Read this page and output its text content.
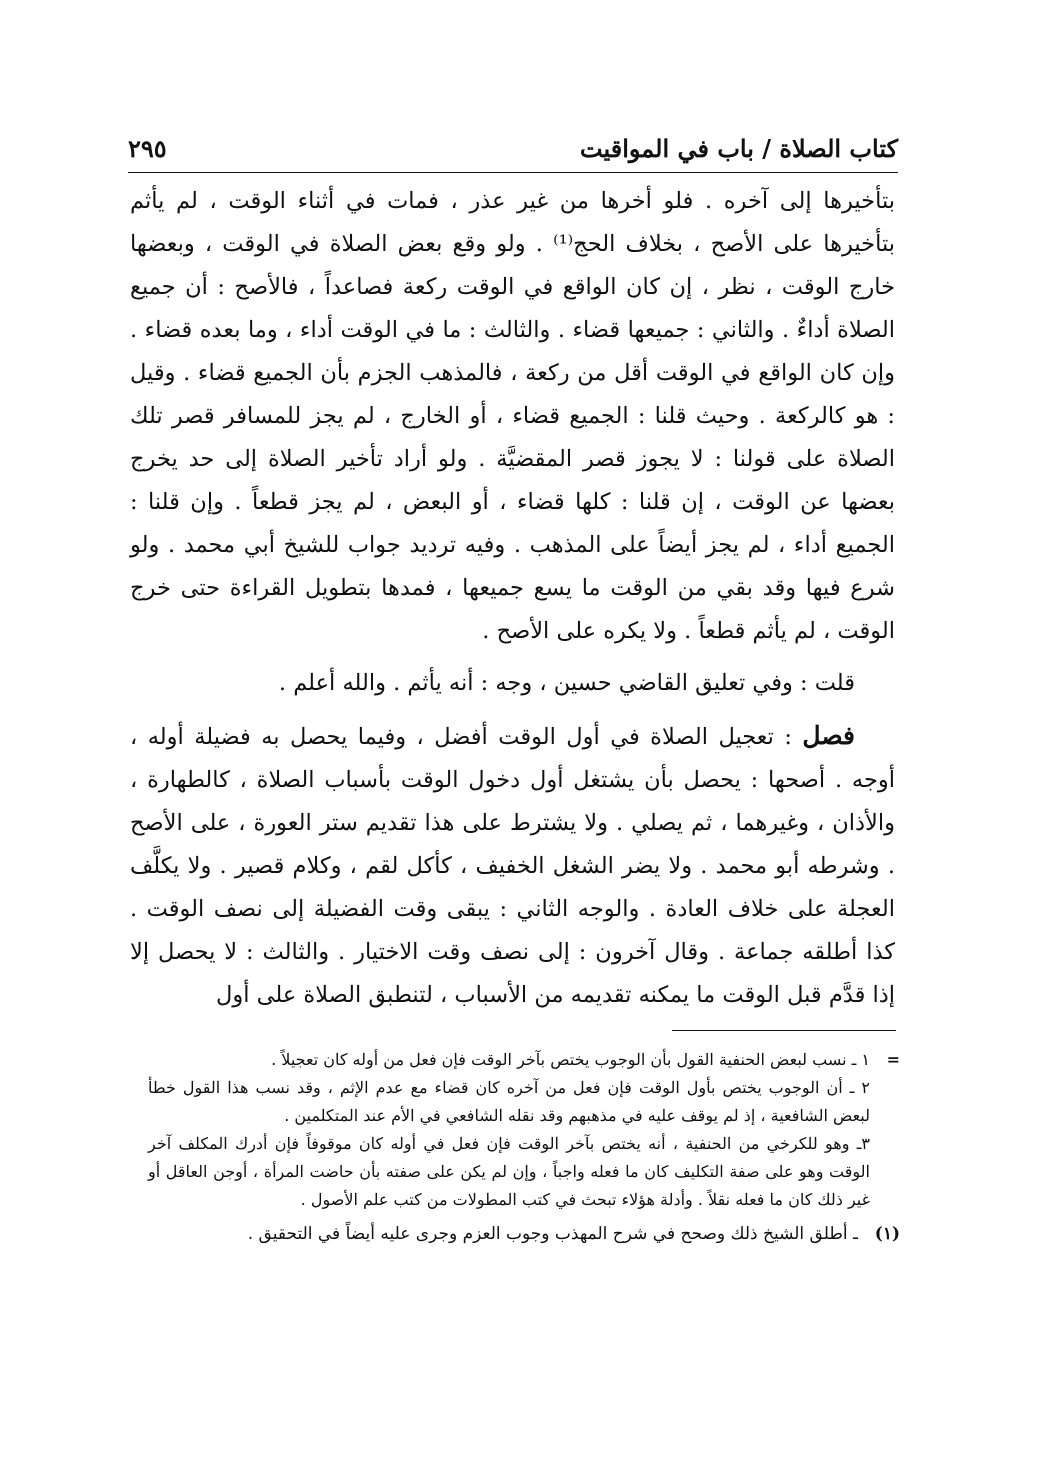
كتاب الصلاة / باب في المواقيت
٢٩٥

بتأخيرها إلى آخره . فلو أخرها من غير عذر ، فمات في أثناء الوقت ، لم يأثم بتأخيرها على الأصح ، بخلاف الحج⁽¹⁾ . ولو وقع بعض الصلاة في الوقت ، وبعضها خارج الوقت ، نظر ، إن كان الواقع في الوقت ركعة فصاعداً ، فالأصح : أن جميع الصلاة أداءٌ . والثاني : جميعها قضاء . والثالث : ما في الوقت أداء ، وما بعده قضاء . وإن كان الواقع في الوقت أقل من ركعة ، فالمذهب الجزم بأن الجميع قضاء . وقيل : هو كالركعة . وحيث قلنا : الجميع قضاء ، أو الخارج ، لم يجز للمسافر قصر تلك الصلاة على قولنا : لا يجوز قصر المقضيَّة . ولو أراد تأخير الصلاة إلى حد يخرج بعضها عن الوقت ، إن قلنا : كلها قضاء ، أو البعض ، لم يجز قطعاً . وإن قلنا : الجميع أداء ، لم يجز أيضاً على المذهب . وفيه ترديد جواب للشيخ أبي محمد . ولو شرع فيها وقد بقي من الوقت ما يسع جميعها ، فمدها بتطويل القراءة حتى خرج الوقت ، لم يأثم قطعاً . ولا يكره على الأصح .

قلت : وفي تعليق القاضي حسين ، وجه : أنه يأثم . والله أعلم .

فصل : تعجيل الصلاة في أول الوقت أفضل ، وفيما يحصل به فضيلة أوله ، أوجه . أصحها : يحصل بأن يشتغل أول دخول الوقت بأسباب الصلاة ، كالطهارة ، والأذان ، وغيرهما ، ثم يصلي . ولا يشترط على هذا تقديم ستر العورة ، على الأصح . وشرطه أبو محمد . ولا يضر الشغل الخفيف ، كأكل لقم ، وكلام قصير . ولا يكلَّف العجلة على خلاف العادة . والوجه الثاني : يبقى وقت الفضيلة إلى نصف الوقت . كذا أطلقه جماعة . وقال آخرون : إلى نصف وقت الاختيار . والثالث : لا يحصل إلا إذا قدَّم قبل الوقت ما يمكنه تقديمه من الأسباب ، لتنطبق الصلاة على أول

=
١ ـ نسب لبعض الحنفية القول بأن الوجوب يختص بآخر الوقت فإن فعل من أوله كان تعجيلاً .

٢ ـ أن الوجوب يختص بأول الوقت فإن فعل من آخره كان قضاء مع عدم الإثم ، وقد نسب هذا القول خطأ لبعض الشافعية ، إذ لم يوقف عليه في مذهبهم وقد نقله الشافعي في الأم عند المتكلمين .

٣ـ وهو للكرخي من الحنفية ، أنه يختص بآخر الوقت فإن فعل في أوله كان موقوفاً فإن أدرك المكلف آخر الوقت وهو على صفة التكليف كان ما فعله واجباً ، وإن لم يكن على صفته بأن حاضت المرأة ، أوجن العاقل أو غير ذلك كان ما فعله نقلاً . وأدلة هؤلاء تبحث في كتب المطولات من كتب علم الأصول .

(١)
ـ أطلق الشيخ ذلك وصحح في شرح المهذب وجوب العزم وجرى عليه أيضاً في التحقيق .
